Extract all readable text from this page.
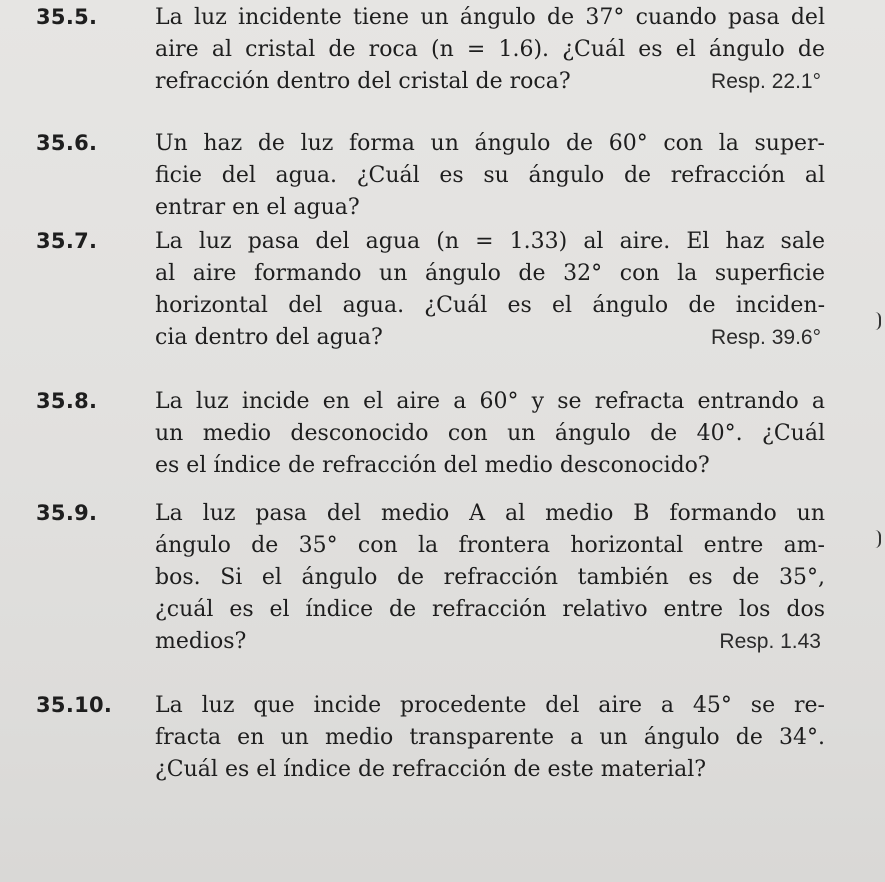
35.5.	La luz incidente tiene un ángulo de 37° cuando pasa del
aire al cristal de roca (n = 1.6). ¿Cuál es el ángulo de
refracción dentro del cristal de roca?	Resp. 22.1°
35.6.	Un haz de luz forma un ángulo de 60° con la super-
ficie del agua. ¿Cuál es su ángulo de refracción al
entrar en el agua?
35.7.	La luz pasa del agua (n = 1.33) al aire. El haz sale
al aire formando un ángulo de 32° con la superficie
horizontal del agua. ¿Cuál es el ángulo de inciden-
cia dentro del agua?	Resp. 39.6°
35.8.	La luz incide en el aire a 60° y se refracta entrando a
un medio desconocido con un ángulo de 40°. ¿Cuál
es el índice de refracción del medio desconocido?
35.9.	La luz pasa del medio A al medio B formando un
ángulo de 35° con la frontera horizontal entre am-
bos. Si el ángulo de refracción también es de 35°,
¿cuál es el índice de refracción relativo entre los dos
medios?	Resp. 1.43
35.10. La luz que incide procedente del aire a 45° se re-
fracta en un medio transparente a un ángulo de 34°.
¿Cuál es el índice de refracción de este material?
